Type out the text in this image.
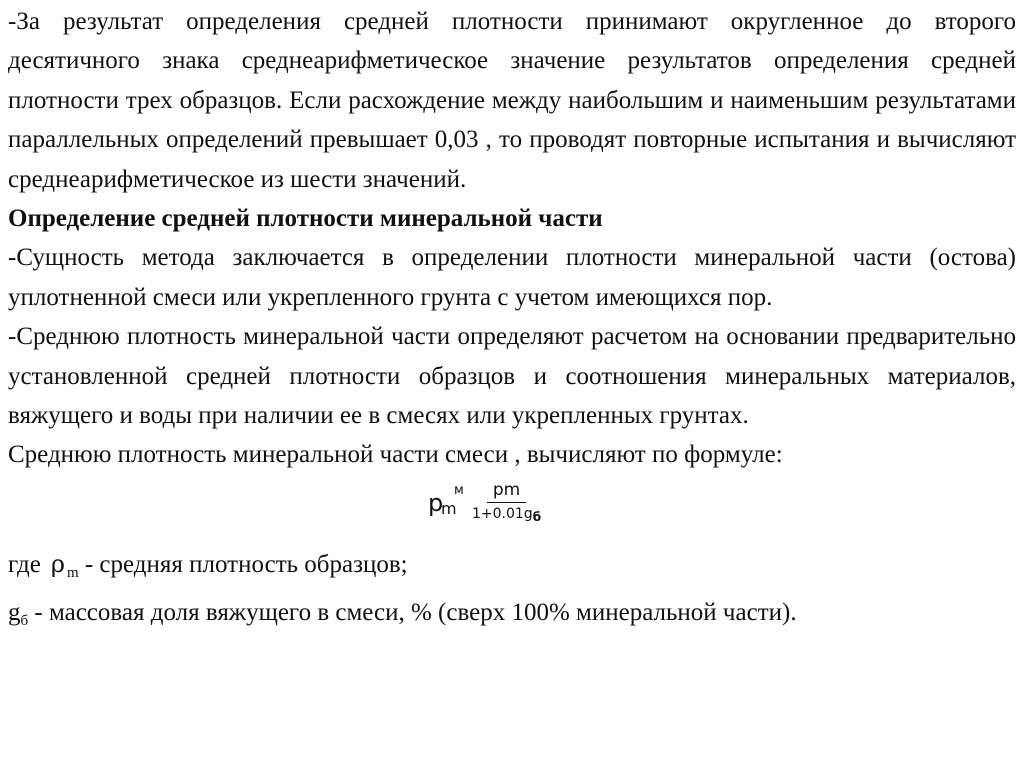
-За результат определения средней плотности принимают округленное до второго десятичного знака среднеарифметическое значение результатов определения средней плотности трех образцов. Если расхождение между наибольшим и наименьшим результатами параллельных определений превышает 0,03 , то проводят повторные испытания и вычисляют среднеарифметическое из шести значений.

Определение средней плотности минеральной части

-Сущность метода заключается в определении плотности минеральной части (остова) уплотненной смеси или укрепленного грунта с учетом имеющихся пор.

-Среднюю плотность минеральной части определяют расчетом на основании предварительно установленной средней плотности образцов и соотношения минеральных материалов, вяжущего и воды при наличии ее в смесях или укрепленных грунтах.

Среднюю плотность минеральной части смеси , вычисляют по формуле:

p м
m $\frac{pm}{1+0.01gб}$

где ρ $_m$ - средняя плотность образцов;

$g_б$ - массовая доля вяжущего в смеси, % (сверх 100% минеральной части).
